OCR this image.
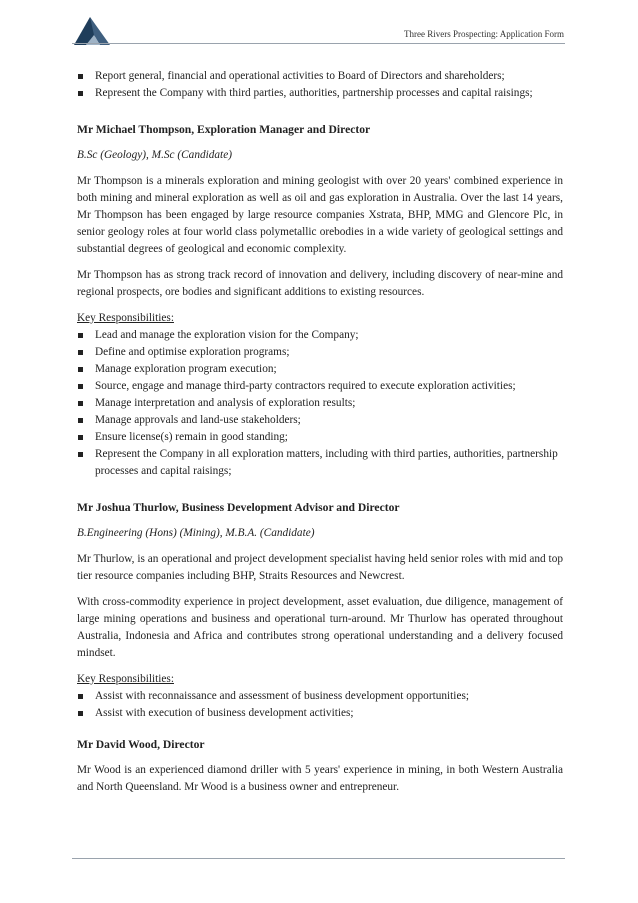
Three Rivers Prospecting: Application Form
Report general, financial and operational activities to Board of Directors and shareholders;
Represent the Company with third parties, authorities, partnership processes and capital raisings;

Mr Michael Thompson, Exploration Manager and Director

B.Sc (Geology), M.Sc (Candidate)

Mr Thompson is a minerals exploration and mining geologist with over 20 years' combined experience in both mining and mineral exploration as well as oil and gas exploration in Australia. Over the last 14 years, Mr Thompson has been engaged by large resource companies Xstrata, BHP, MMG and Glencore Plc, in senior geology roles at four world class polymetallic orebodies in a wide variety of geological settings and substantial degrees of geological and economic complexity.

Mr Thompson has as strong track record of innovation and delivery, including discovery of near-mine and regional prospects, ore bodies and significant additions to existing resources.

Key Responsibilities:

Lead and manage the exploration vision for the Company;
Define and optimise exploration programs;
Manage exploration program execution;
Source, engage and manage third-party contractors required to execute exploration activities;
Manage interpretation and analysis of exploration results;
Manage approvals and land-use stakeholders;
Ensure license(s) remain in good standing;
Represent the Company in all exploration matters, including with third parties, authorities, partnership processes and capital raisings;

Mr Joshua Thurlow, Business Development Advisor and Director

B.Engineering (Hons) (Mining), M.B.A. (Candidate)

Mr Thurlow, is an operational and project development specialist having held senior roles with mid and top tier resource companies including BHP, Straits Resources and Newcrest.

With cross-commodity experience in project development, asset evaluation, due diligence, management of large mining operations and business and operational turn-around. Mr Thurlow has operated throughout Australia, Indonesia and Africa and contributes strong operational understanding and a delivery focused mindset.

Key Responsibilities:

Assist with reconnaissance and assessment of business development opportunities;
Assist with execution of business development activities;

Mr David Wood, Director

Mr Wood is an experienced diamond driller with 5 years' experience in mining, in both Western Australia and North Queensland. Mr Wood is a business owner and entrepreneur.
